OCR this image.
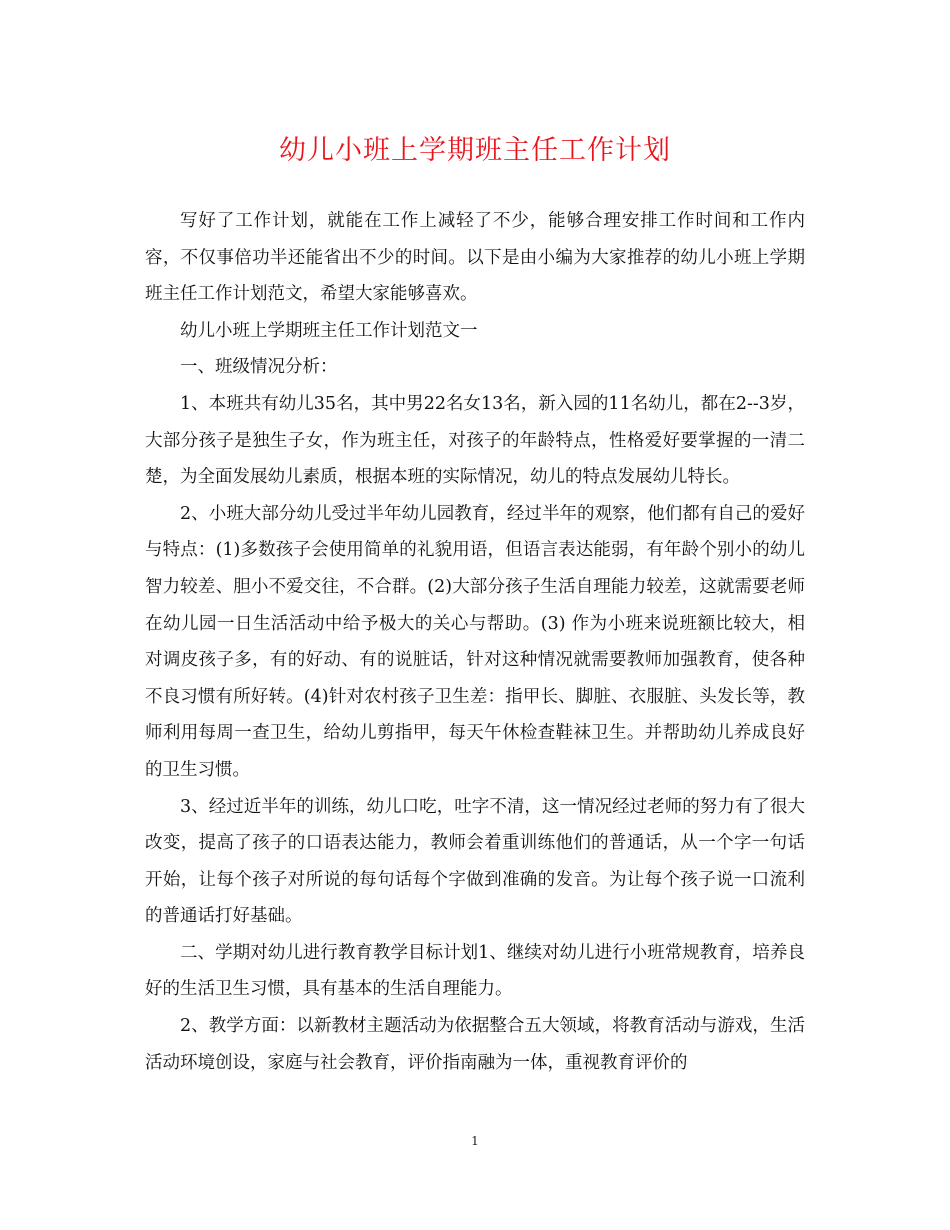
幼儿小班上学期班主任工作计划

写好了工作计划，就能在工作上减轻了不少，能够合理安排工作时间和工作内容，不仅事倍功半还能省出不少的时间。以下是由小编为大家推荐的幼儿小班上学期班主任工作计划范文，希望大家能够喜欢。

幼儿小班上学期班主任工作计划范文一

一、班级情况分析：

1、本班共有幼儿35名，其中男22名女13名，新入园的11名幼儿，都在2--3岁，大部分孩子是独生子女，作为班主任，对孩子的年龄特点，性格爱好要掌握的一清二楚，为全面发展幼儿素质，根据本班的实际情况，幼儿的特点发展幼儿特长。

2、小班大部分幼儿受过半年幼儿园教育，经过半年的观察，他们都有自己的爱好与特点：(1)多数孩子会使用简单的礼貌用语，但语言表达能弱，有年龄个别小的幼儿智力较差、胆小不爱交往，不合群。(2)大部分孩子生活自理能力较差，这就需要老师在幼儿园一日生活活动中给予极大的关心与帮助。(3) 作为小班来说班额比较大，相对调皮孩子多，有的好动、有的说脏话，针对这种情况就需要教师加强教育，使各种不良习惯有所好转。(4)针对农村孩子卫生差：指甲长、脚脏、衣服脏、头发长等，教师利用每周一查卫生，给幼儿剪指甲，每天午休检查鞋袜卫生。并帮助幼儿养成良好的卫生习惯。

3、经过近半年的训练，幼儿口吃，吐字不清，这一情况经过老师的努力有了很大改变，提高了孩子的口语表达能力，教师会着重训练他们的普通话，从一个字一句话开始，让每个孩子对所说的每句话每个字做到准确的发音。为让每个孩子说一口流利的普通话打好基础。

二、学期对幼儿进行教育教学目标计划1、继续对幼儿进行小班常规教育，培养良好的生活卫生习惯，具有基本的生活自理能力。

2、教学方面：以新教材主题活动为依据整合五大领域，将教育活动与游戏，生活活动环境创设，家庭与社会教育，评价指南融为一体，重视教育评价的

1
